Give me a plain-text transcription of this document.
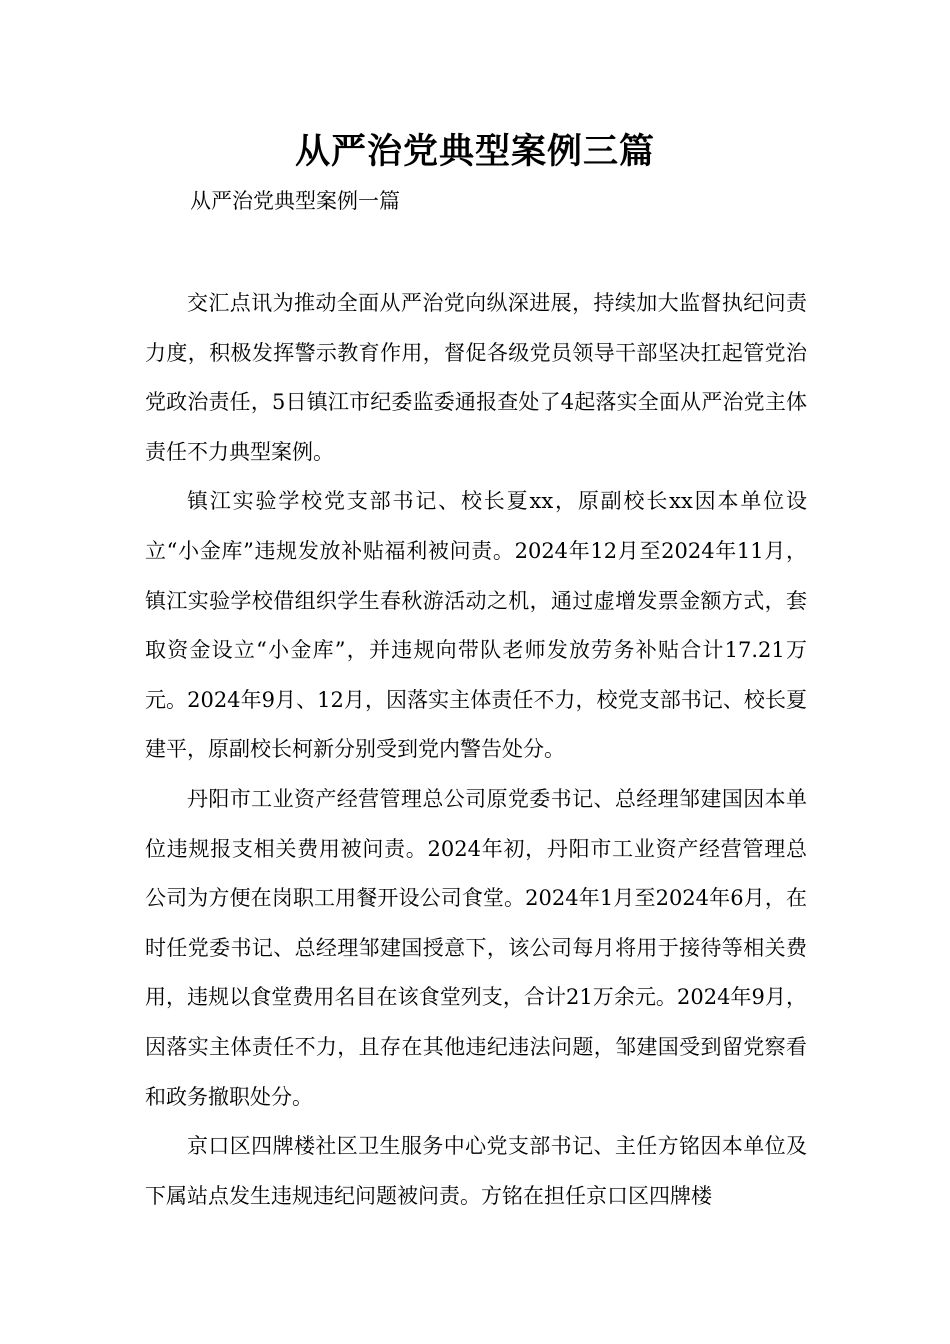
从严治党典型案例三篇
从严治党典型案例一篇

交汇点讯为推动全面从严治党向纵深进展，持续加大监督执纪问责力度，积极发挥警示教育作用，督促各级党员领导干部坚决扛起管党治党政治责任，5日镇江市纪委监委通报查处了4起落实全面从严治党主体责任不力典型案例。

镇江实验学校党支部书记、校长夏xx，原副校长xx因本单位设立“小金库”违规发放补贴福利被问责。2024年12月至2024年11月，镇江实验学校借组织学生春秋游活动之机，通过虚增发票金额方式，套取资金设立“小金库”，并违规向带队老师发放劳务补贴合计17.21万元。2024年9月、12月，因落实主体责任不力，校党支部书记、校长夏建平，原副校长柯新分别受到党内警告处分。

丹阳市工业资产经营管理总公司原党委书记、总经理邹建国因本单位违规报支相关费用被问责。2024年初，丹阳市工业资产经营管理总公司为方便在岗职工用餐开设公司食堂。2024年1月至2024年6月，在时任党委书记、总经理邹建国授意下，该公司每月将用于接待等相关费用，违规以食堂费用名目在该食堂列支，合计21万余元。2024年9月，因落实主体责任不力，且存在其他违纪违法问题，邹建国受到留党察看和政务撤职处分。

京口区四牌楼社区卫生服务中心党支部书记、主任方铭因本单位及下属站点发生违规违纪问题被问责。方铭在担任京口区四牌楼
